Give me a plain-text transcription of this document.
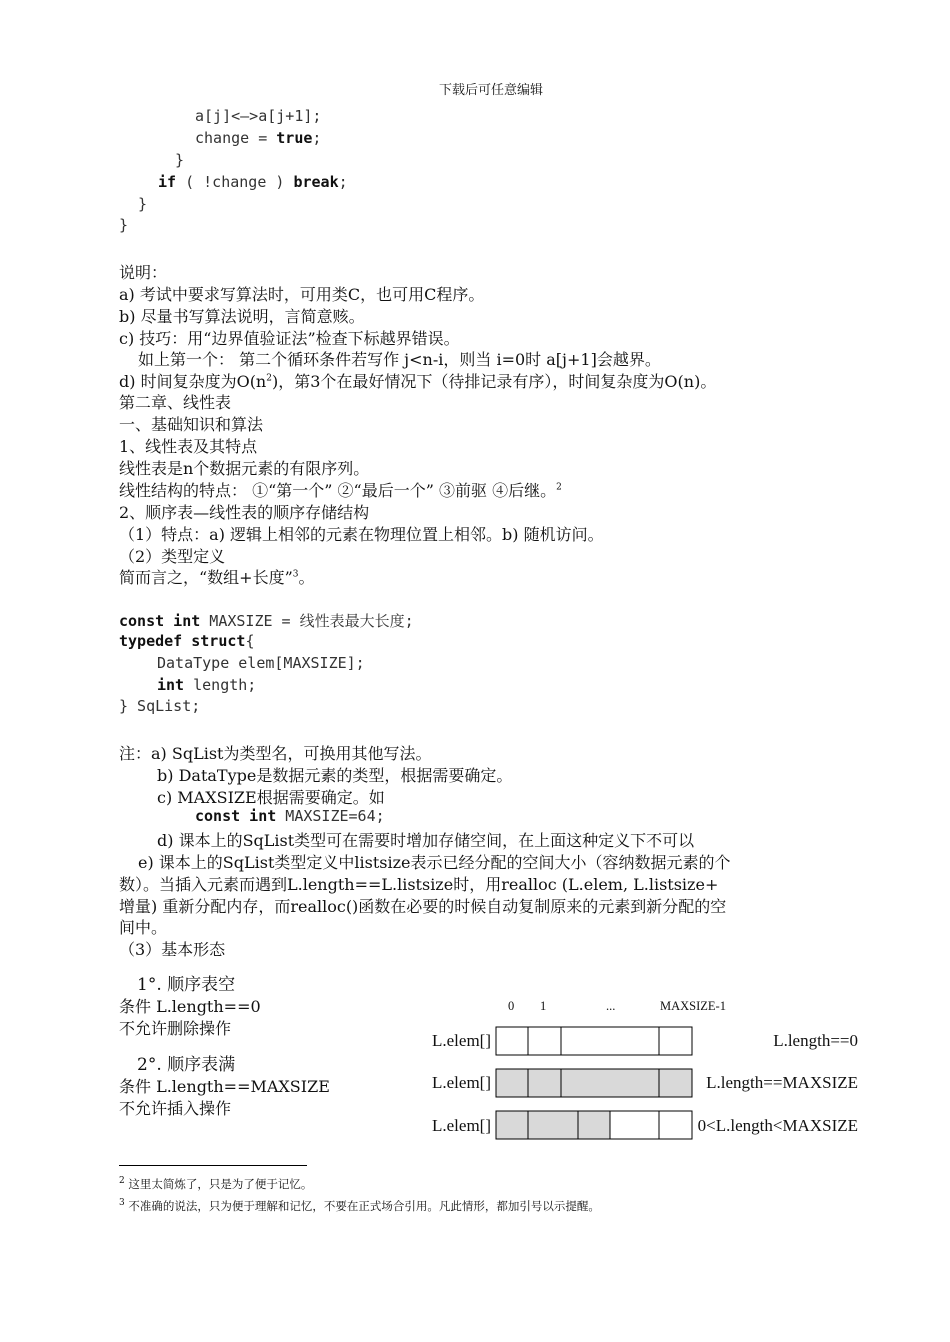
下载后可任意编辑
a[j]<—>a[j+1];
change = true;
}
if ( !change ) break;
}
}
说明：
a) 考试中要求写算法时，可用类C，也可用C程序。
b) 尽量书写算法说明，言简意赅。
c) 技巧：用“边界值验证法”检查下标越界错误。
如上第一个： 第二个循环条件若写作 j<n-i，则当 i=0时 a[j+1]会越界。
d) 时间复杂度为$O(n^2)$，第3个在最好情况下（待排记录有序），时间复杂度为O(n)。
第二章、线性表
一、基础知识和算法
1、线性表及其特点
线性表是n个数据元素的有限序列。
线性结构的特点： ①“第一个” ②“最后一个” ③前驱 ④后继。$^2$
2、顺序表—线性表的顺序存储结构
（1）特点：a) 逻辑上相邻的元素在物理位置上相邻。b) 随机访问。
（2）类型定义
简而言之，“数组+长度”$^3$。
const int MAXSIZE = 线性表最大长度;
typedef struct{
DataType elem[MAXSIZE];
int length;
} SqList;
注：a) SqList为类型名，可换用其他写法。
b) DataType是数据元素的类型，根据需要确定。
c) MAXSIZE根据需要确定。如
const int MAXSIZE=64;
d) 课本上的SqList类型可在需要时增加存储空间，在上面这种定义下不可以
e) 课本上的SqList类型定义中listsize表示已经分配的空间大小（容纳数据元素的个
数）。当插入元素而遇到L.length==L.listsize时，用realloc (L.elem, L.listsize+
增量) 重新分配内存，而realloc()函数在必要的时候自动复制原来的元素到新分配的空
间中。
（3）基本形态
1°. 顺序表空
条件 L.length==0
不允许删除操作
2°. 顺序表满
条件 L.length==MAXSIZE
不允许插入操作
0 1	...	MAXSIZE-1
L.elem[]
L.elem[]
L.elem[]
L.length==0
L.length==MAXSIZE
0<L.length<MAXSIZE
$^2$ 这里太简炼了，只是为了便于记忆。
$^3$ 不准确的说法，只为便于理解和记忆，不要在正式场合引用。凡此情形，都加引号以示提醒。
